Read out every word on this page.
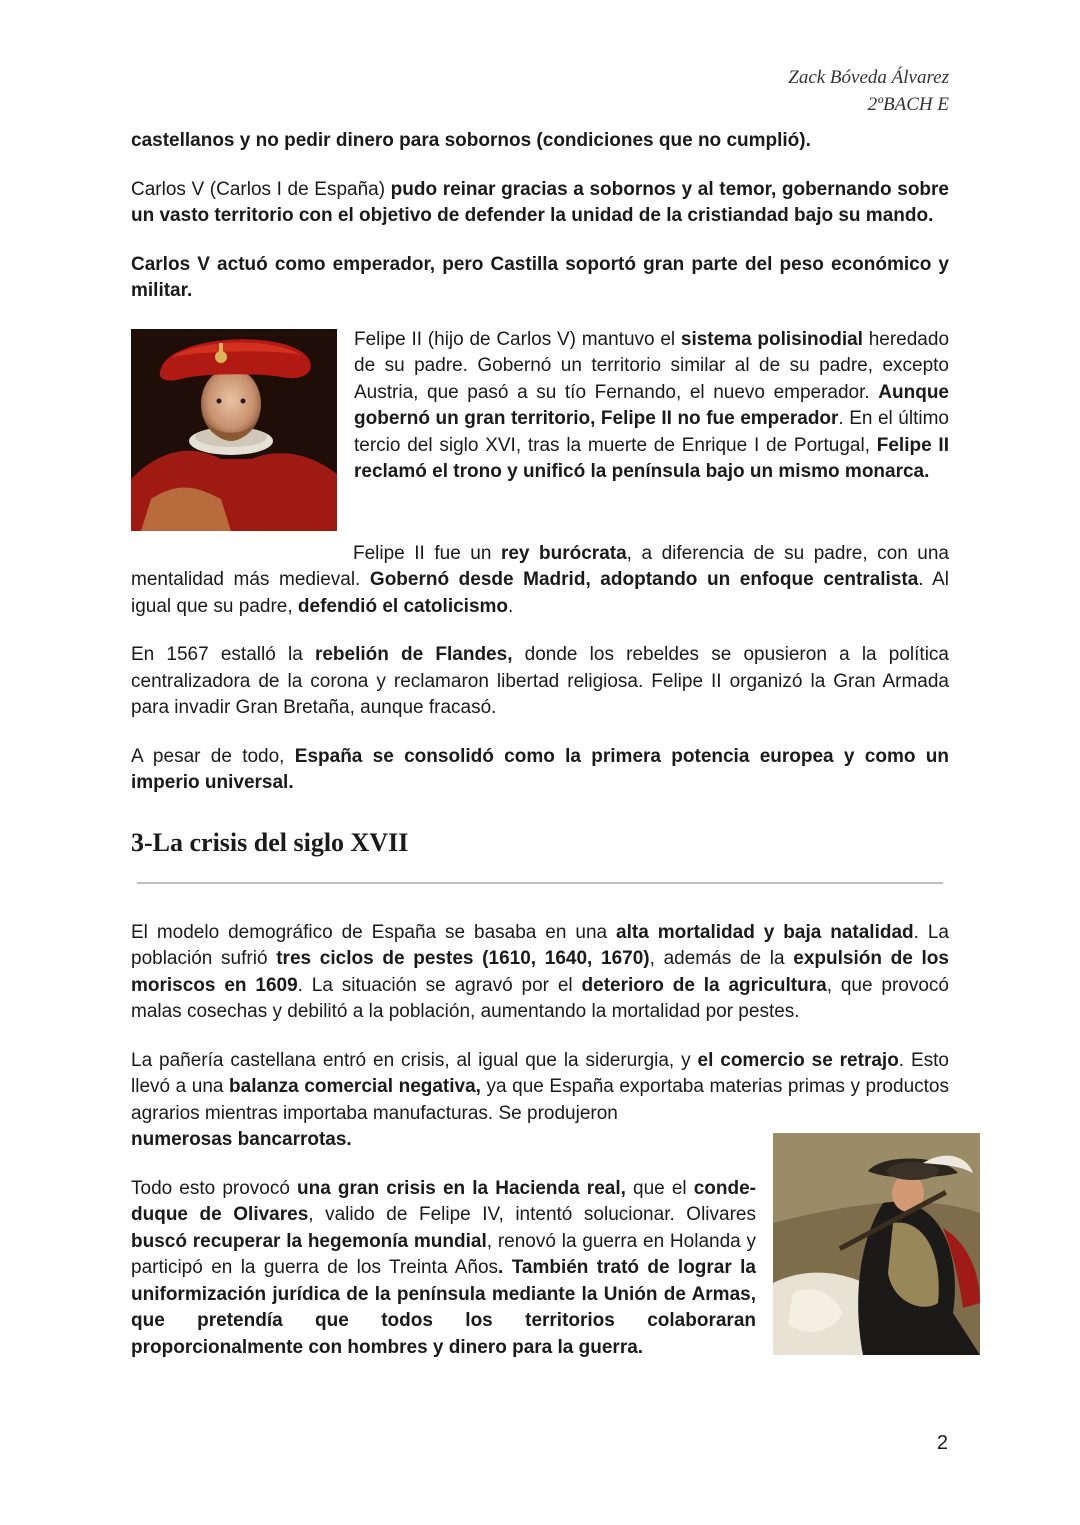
Zack Bóveda Álvarez
2ºBACH E

castellanos y no pedir dinero para sobornos (condiciones que no cumplió).

Carlos V (Carlos I de España) pudo reinar gracias a sobornos y al temor, gobernando sobre un vasto territorio con el objetivo de defender la unidad de la cristiandad bajo su mando.

Carlos V actuó como emperador, pero Castilla soportó gran parte del peso económico y militar.

Felipe II (hijo de Carlos V) mantuvo el sistema polisinodial heredado de su padre. Gobernó un territorio similar al de su padre, excepto Austria, que pasó a su tío Fernando, el nuevo emperador. Aunque gobernó un gran territorio, Felipe II no fue emperador. En el último tercio del siglo XVI, tras la muerte de Enrique I de Portugal, Felipe II reclamó el trono y unificó la península bajo un mismo monarca.

Felipe II fue un rey burócrata, a diferencia de su padre, con una mentalidad más medieval. Gobernó desde Madrid, adoptando un enfoque centralista. Al igual que su padre, defendió el catolicismo.

En 1567 estalló la rebelión de Flandes, donde los rebeldes se opusieron a la política centralizadora de la corona y reclamaron libertad religiosa. Felipe II organizó la Gran Armada para invadir Gran Bretaña, aunque fracasó.

A pesar de todo, España se consolidó como la primera potencia europea y como un imperio universal.

3-La crisis del siglo XVII

El modelo demográfico de España se basaba en una alta mortalidad y baja natalidad. La población sufrió tres ciclos de pestes (1610, 1640, 1670), además de la expulsión de los moriscos en 1609. La situación se agravó por el deterioro de la agricultura, que provocó malas cosechas y debilitó a la población, aumentando la mortalidad por pestes.

La pañería castellana entró en crisis, al igual que la siderurgia, y el comercio se retrajo. Esto llevó a una balanza comercial negativa, ya que España exportaba materias primas y productos agrarios mientras importaba manufacturas. Se produjeron

numerosas bancarrotas.

Todo esto provocó una gran crisis en la Hacienda real, que el conde-duque de Olivares, valido de Felipe IV, intentó solucionar. Olivares buscó recuperar la hegemonía mundial, renovó la guerra en Holanda y participó en la guerra de los Treinta Años. También trató de lograr la uniformización jurídica de la península mediante la Unión de Armas, que pretendía que todos los territorios colaboraran proporcionalmente con hombres y dinero para la guerra.

2
